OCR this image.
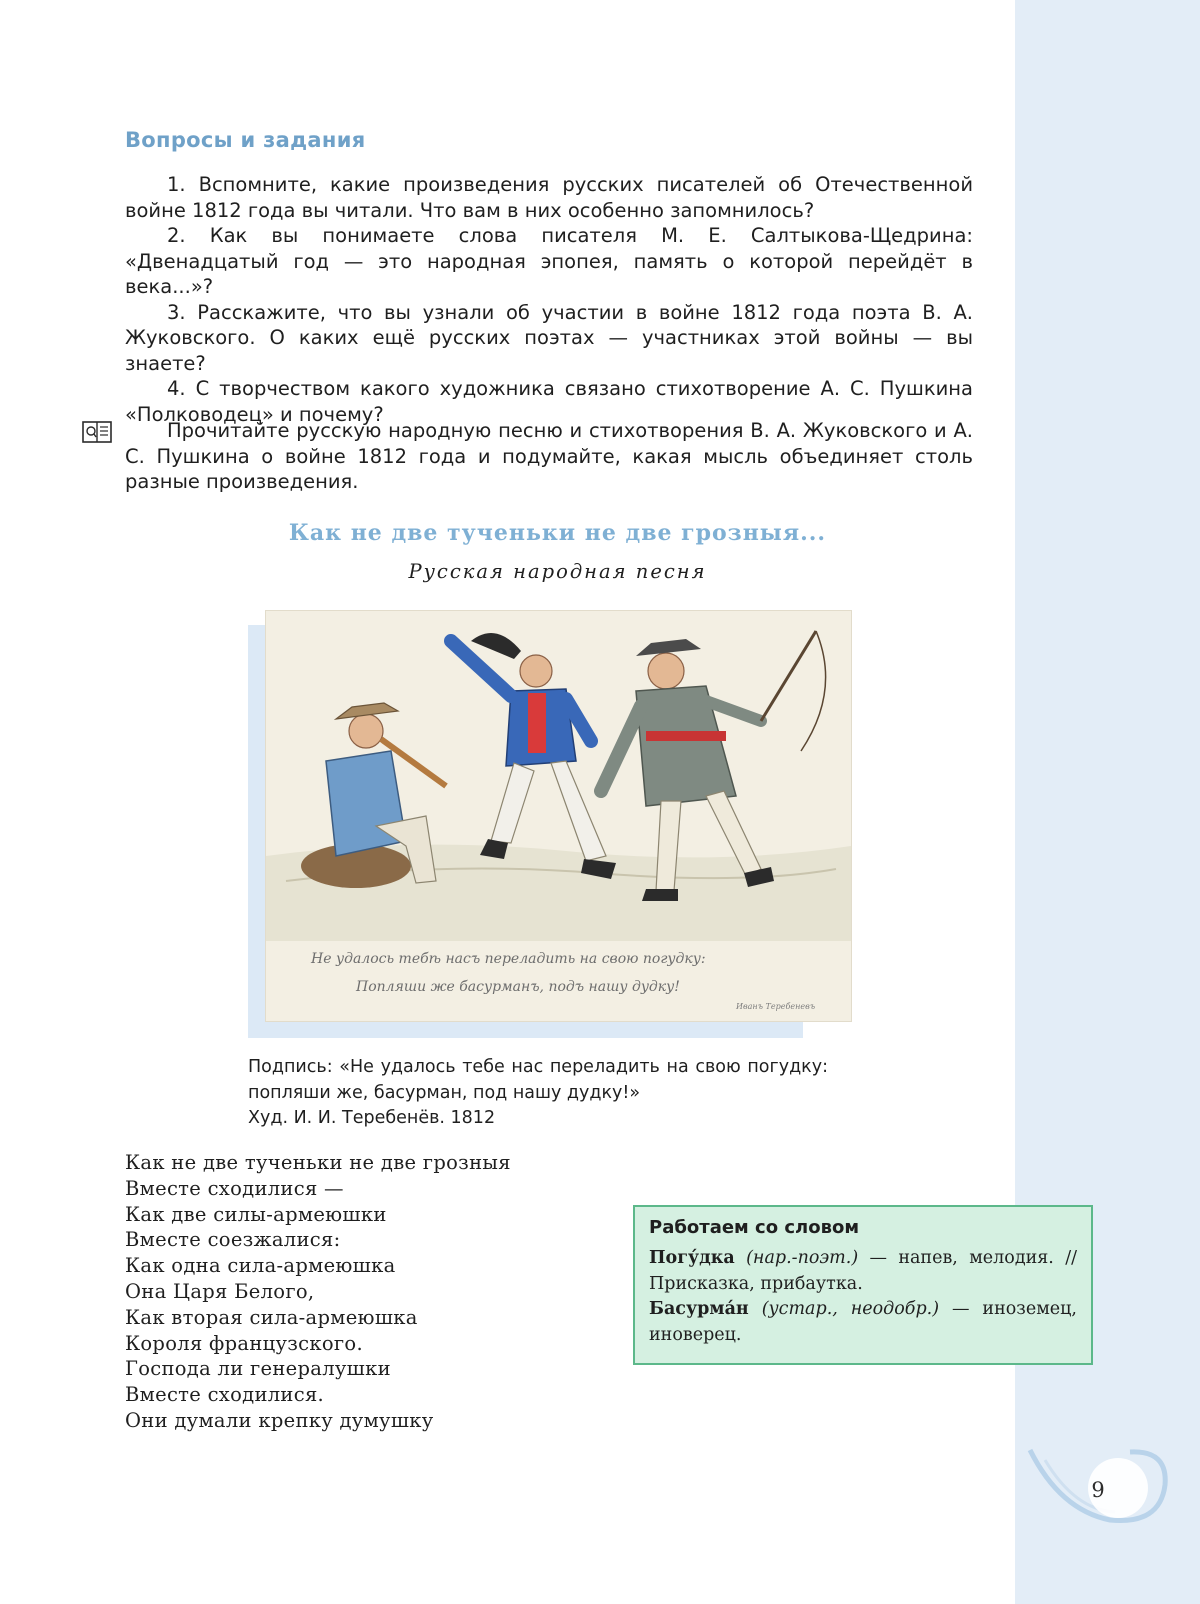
Вопросы и задания

1. Вспомните, какие произведения русских писателей об Отечественной войне 1812 года вы читали. Что вам в них особенно запомнилось?

2. Как вы понимаете слова писателя М. Е. Салтыкова-Щедрина: «Двенадцатый год — это народная эпопея, память о которой перейдёт в века...»?

3. Расскажите, что вы узнали об участии в войне 1812 года поэта В. А. Жуковского. О каких ещё русских поэтах — участниках этой войны — вы знаете?

4. С творчеством какого художника связано стихотворение А. С. Пушкина «Полководец» и почему?

Прочитайте русскую народную песню и стихотворения В. А. Жуковского и А. С. Пушкина о войне 1812 года и подумайте, какая мысль объединяет столь разные произведения.

Как не две тученьки не две грозныя...
Русская народная песня
Не удалось тебѣ насъ переладить на свою погудку:
Попляши же басурманъ, подъ нашу дудку!
Иванъ Теребеневъ
Подпись: «Не удалось тебе нас переладить на свою погудку: попляши же, басурман, под нашу дудку!»
Худ. И. И. Теребенёв. 1812
Как не две тученьки не две грозныя
Вместе сходилися —
Как две силы-армеюшки
Вместе соезжалися:
Как одна сила-армеюшка
Она Царя Белого,
Как вторая сила-армеюшка
Короля французского.
Господа ли генералушки
Вместе сходилися.
Они думали крепку думушку
Работаем со словом

Погу́дка (нар.-поэт.) — напев, мелодия. // Присказка, прибаутка.

Басурма́н (устар., неодобр.) — иноземец, иноверец.

9
